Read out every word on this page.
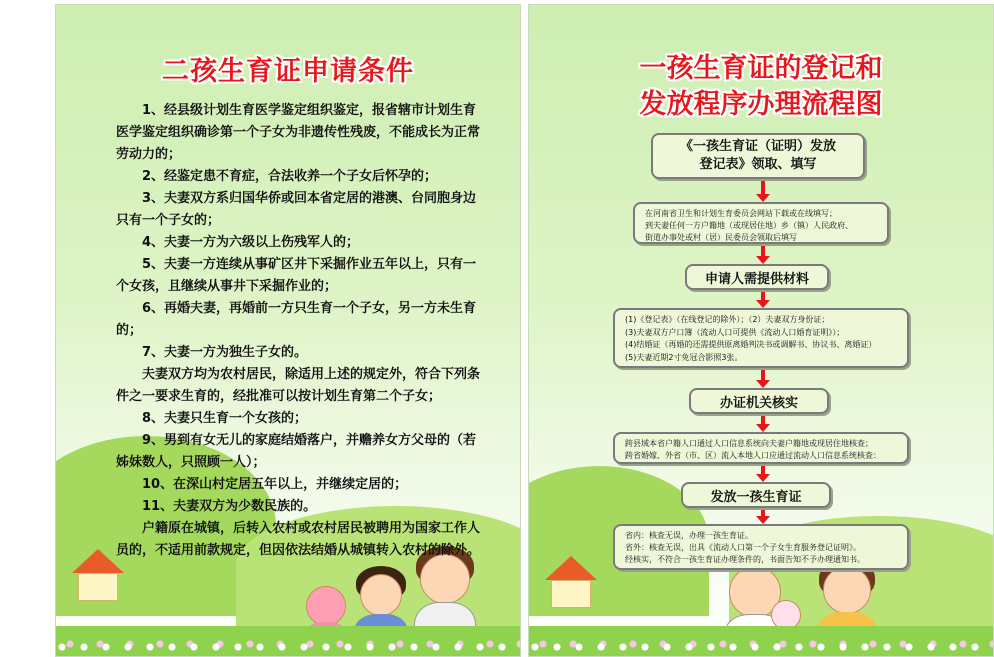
二孩生育证申请条件

1、经县级计划生育医学鉴定组织鉴定，报省辖市计划生育医学鉴定组织确诊第一个子女为非遗传性残废，不能成长为正常劳动力的；

2、经鉴定患不育症，合法收养一个子女后怀孕的；

3、夫妻双方系归国华侨或回本省定居的港澳、台同胞身边只有一个子女的；

4、夫妻一方为六级以上伤残军人的；

5、夫妻一方连续从事矿区井下采掘作业五年以上，只有一个女孩，且继续从事井下采掘作业的；

6、再婚夫妻，再婚前一方只生育一个子女，另一方未生育的；

7、夫妻一方为独生子女的。

夫妻双方均为农村居民，除适用上述的规定外，符合下列条件之一要求生育的，经批准可以按计划生育第二个子女；

8、夫妻只生育一个女孩的；

9、男到有女无儿的家庭结婚落户，并赡养女方父母的（若姊妹数人，只照顾一人）；

10、在深山村定居五年以上，并继续定居的；

11、夫妻双方为少数民族的。

户籍原在城镇，后转入农村或农村居民被聘用为国家工作人员的，不适用前款规定，但因依法结婚从城镇转入农村的除外。

一孩生育证的登记和
发放程序办理流程图
《一孩生育证（证明）发放
登记表》领取、填写
在河南省卫生和计划生育委员会网站下载或在线填写；
到夫妻任何一方户籍地（或现居住地）乡（镇）人民政府、
街道办事处或村（居）民委员会领取后填写
申请人需提供材料
(1)《登记表》（在线登记的除外）；（2）夫妻双方身份证；
(3)夫妻双方户口簿（流动人口可提供《流动人口婚育证明》）；
(4)结婚证（再婚的还需提供原离婚判决书或调解书、协议书、离婚证）
(5)夫妻近期2寸免冠合影照3张。
办证机关核实
跨县域本省户籍人口通过人口信息系统向夫妻户籍地或现居住地核查；
跨省婚嫁、外省（市、区）流入本地人口应通过流动人口信息系统核查：
发放一孩生育证
省内：核查无误，办理一孩生育证。
省外：核查无误，出具《流动人口第一个子女生育服务登记证明》。
经核实，不符合一孩生育证办理条件的，书面告知不予办理通知书。
